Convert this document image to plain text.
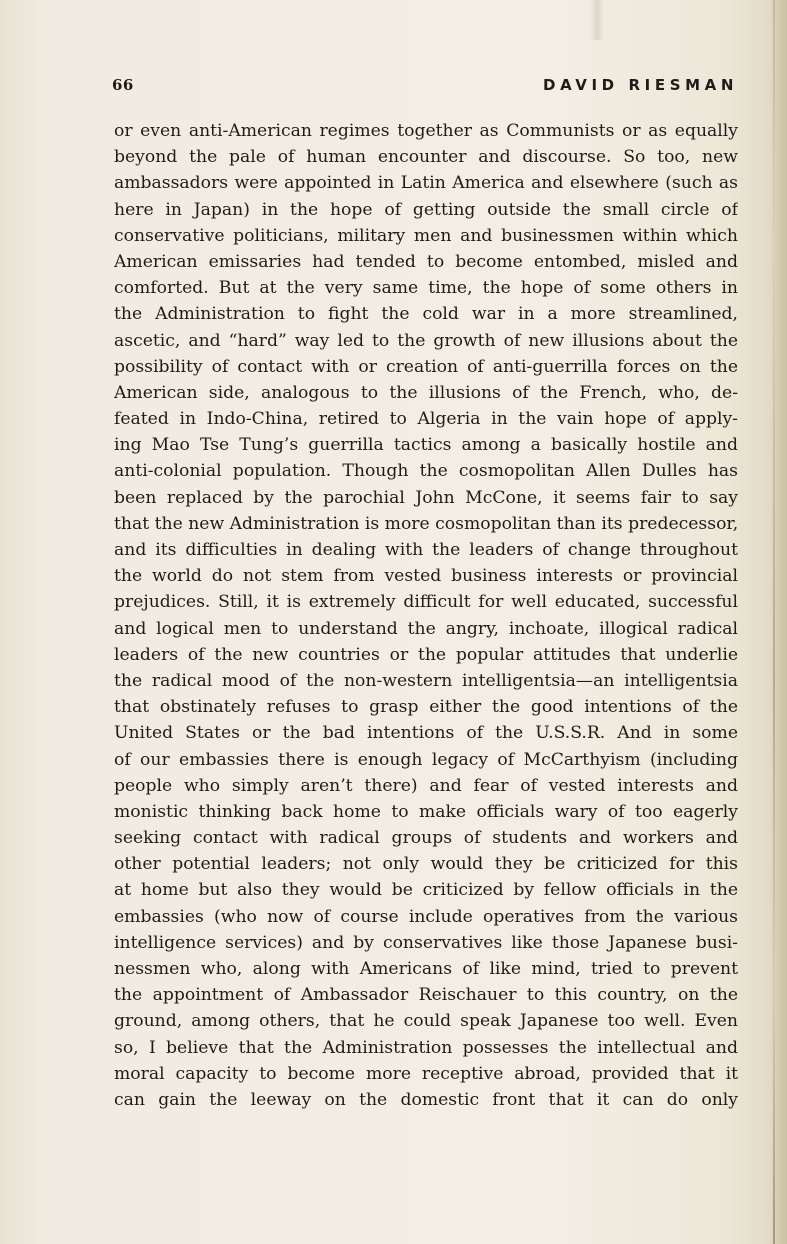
66	DAVID RIESMAN
or even anti-American regimes together as Communists or as equally
beyond the pale of human encounter and discourse. So too, new
ambassadors were appointed in Latin America and elsewhere (such as
here in Japan) in the hope of getting outside the small circle of
conservative politicians, military men and businessmen within which
American emissaries had tended to become entombed, misled and
comforted. But at the very same time, the hope of some others in
the Administration to fight the cold war in a more streamlined,
ascetic, and “hard” way led to the growth of new illusions about the
possibility of contact with or creation of anti-guerrilla forces on the
American side, analogous to the illusions of the French, who, de-
feated in Indo-China, retired to Algeria in the vain hope of apply-
ing Mao Tse Tung’s guerrilla tactics among a basically hostile and
anti-colonial population. Though the cosmopolitan Allen Dulles has
been replaced by the parochial John McCone, it seems fair to say
that the new Administration is more cosmopolitan than its predecessor,
and its difficulties in dealing with the leaders of change throughout
the world do not stem from vested business interests or provincial
prejudices. Still, it is extremely difficult for well educated, successful
and logical men to understand the angry, inchoate, illogical radical
leaders of the new countries or the popular attitudes that underlie
the radical mood of the non-western intelligentsia—an intelligentsia
that obstinately refuses to grasp either the good intentions of the
United States or the bad intentions of the U.S.S.R. And in some
of our embassies there is enough legacy of McCarthyism (including
people who simply aren’t there) and fear of vested interests and
monistic thinking back home to make officials wary of too eagerly
seeking contact with radical groups of students and workers and
other potential leaders; not only would they be criticized for this
at home but also they would be criticized by fellow officials in the
embassies (who now of course include operatives from the various
intelligence services) and by conservatives like those Japanese busi-
nessmen who, along with Americans of like mind, tried to prevent
the appointment of Ambassador Reischauer to this country, on the
ground, among others, that he could speak Japanese too well. Even
so, I believe that the Administration possesses the intellectual and
moral capacity to become more receptive abroad, provided that it
can gain the leeway on the domestic front that it can do only
